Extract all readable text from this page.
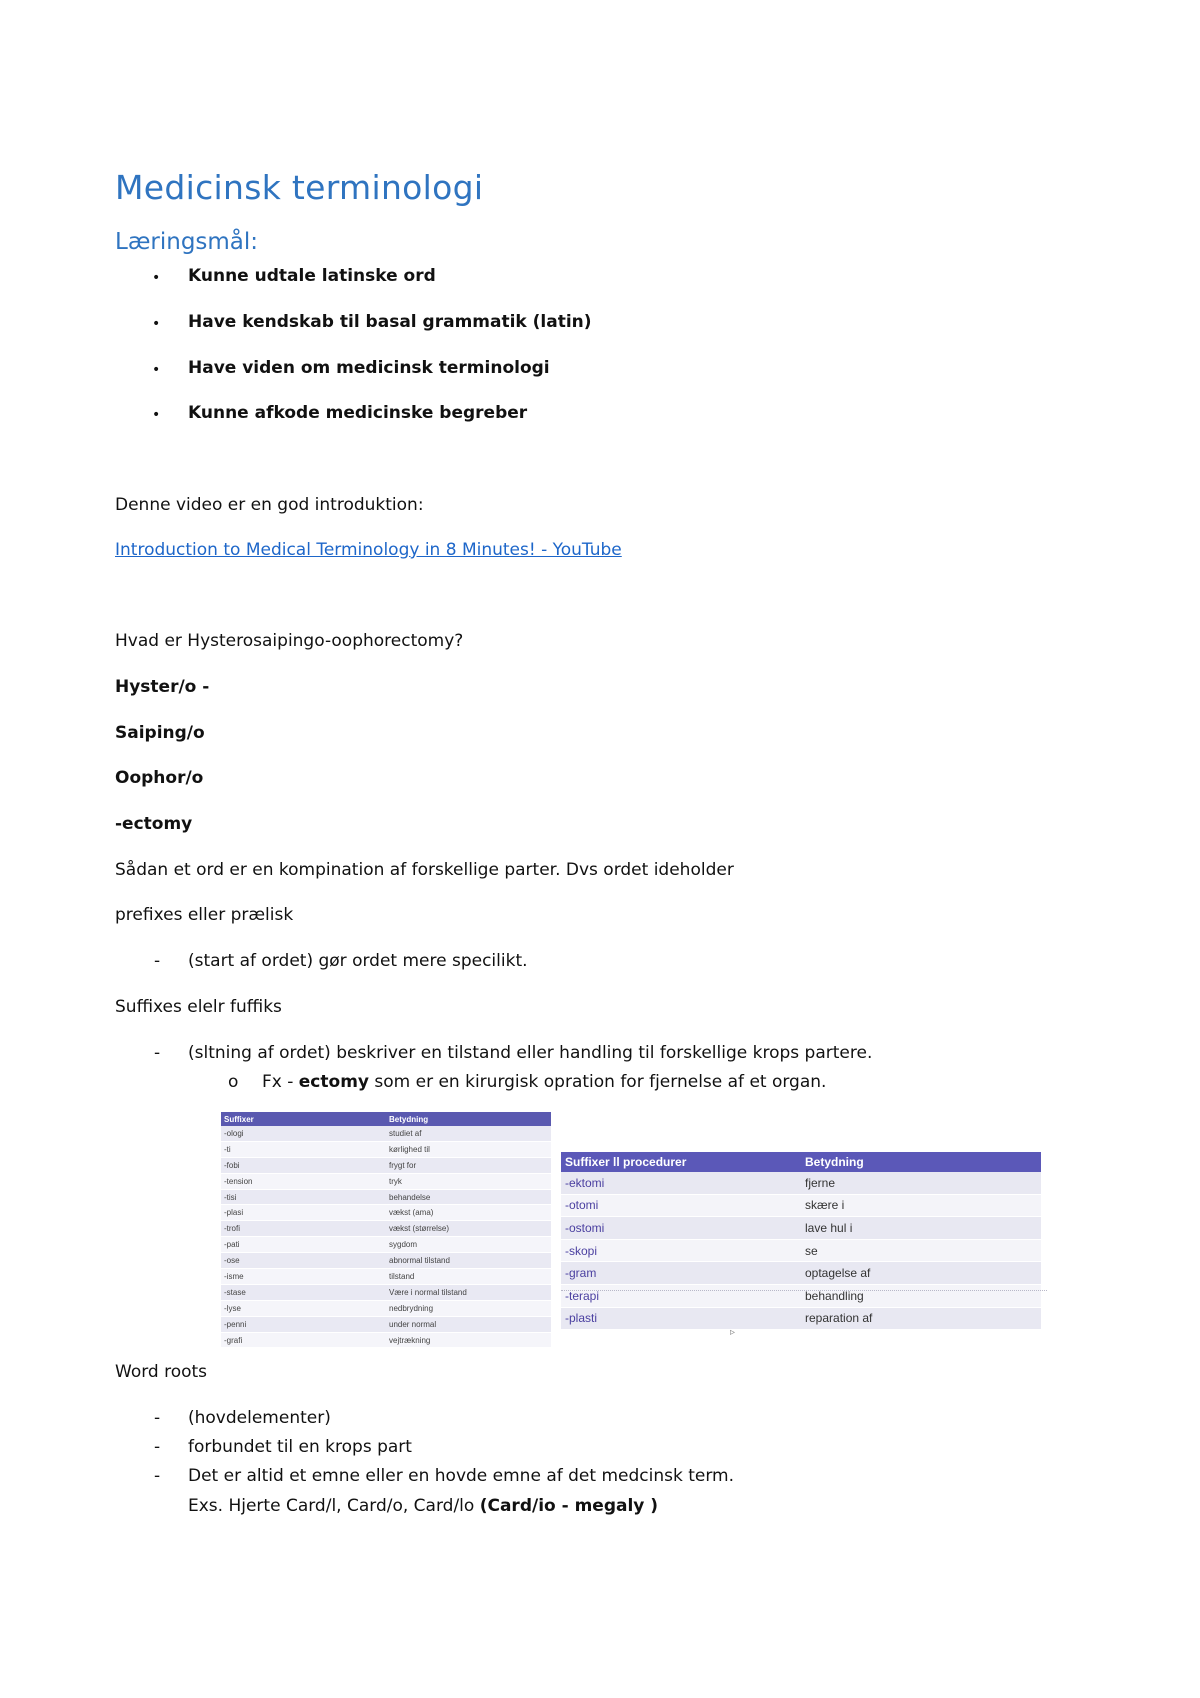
Medicinsk terminologi
Læringsmål:
• Kunne udtale latinske ord
• Have kendskab til basal grammatik (latin)
• Have viden om medicinsk terminologi
• Kunne afkode medicinske begreber
Denne video er en god introduktion:
Introduction to Medical Terminology in 8 Minutes! - YouTube
Hvad er Hysterosaipingo-oophorectomy?
Hyster/o -
Saiping/o
Oophor/o
-ectomy
Sådan et ord er en kompination af forskellige parter. Dvs ordet ideholder
prefixes eller prælisk
- (start af ordet) gør ordet mere specilikt.
Suffixes elelr fuffiks
- (sltning af ordet) beskriver en tilstand eller handling til forskellige krops partere.
o Fx - ectomy som er en kirurgisk opration for fjernelse af et organ.
Suffixer	Betydning
-ologi	studiet af
-ti	kørlighed til
-fobi	frygt for
-tension	tryk
-tisi	behandelse
-plasi	vækst (ama)
-trofi	vækst (størrelse)
-pati	sygdom
-ose	abnormal tilstand
-isme	tilstand
-stase	Være i normal tilstand
-lyse	nedbrydning
-penni	under normal
-grafi	vejtrækning
Suffixer ll procedurer	Betydning
-ektomi	fjerne
-otomi	skære i
-ostomi	lave hul i
-skopi	se
-gram	optagelse af
-terapi	behandling
-plasti	reparation af
▹
Word roots
- (hovdelementer)
- forbundet til en krops part
- Det er altid et emne eller en hovde emne af det medcinsk term.
Exs. Hjerte Card/l, Card/o, Card/lo (Card/io - megaly )
